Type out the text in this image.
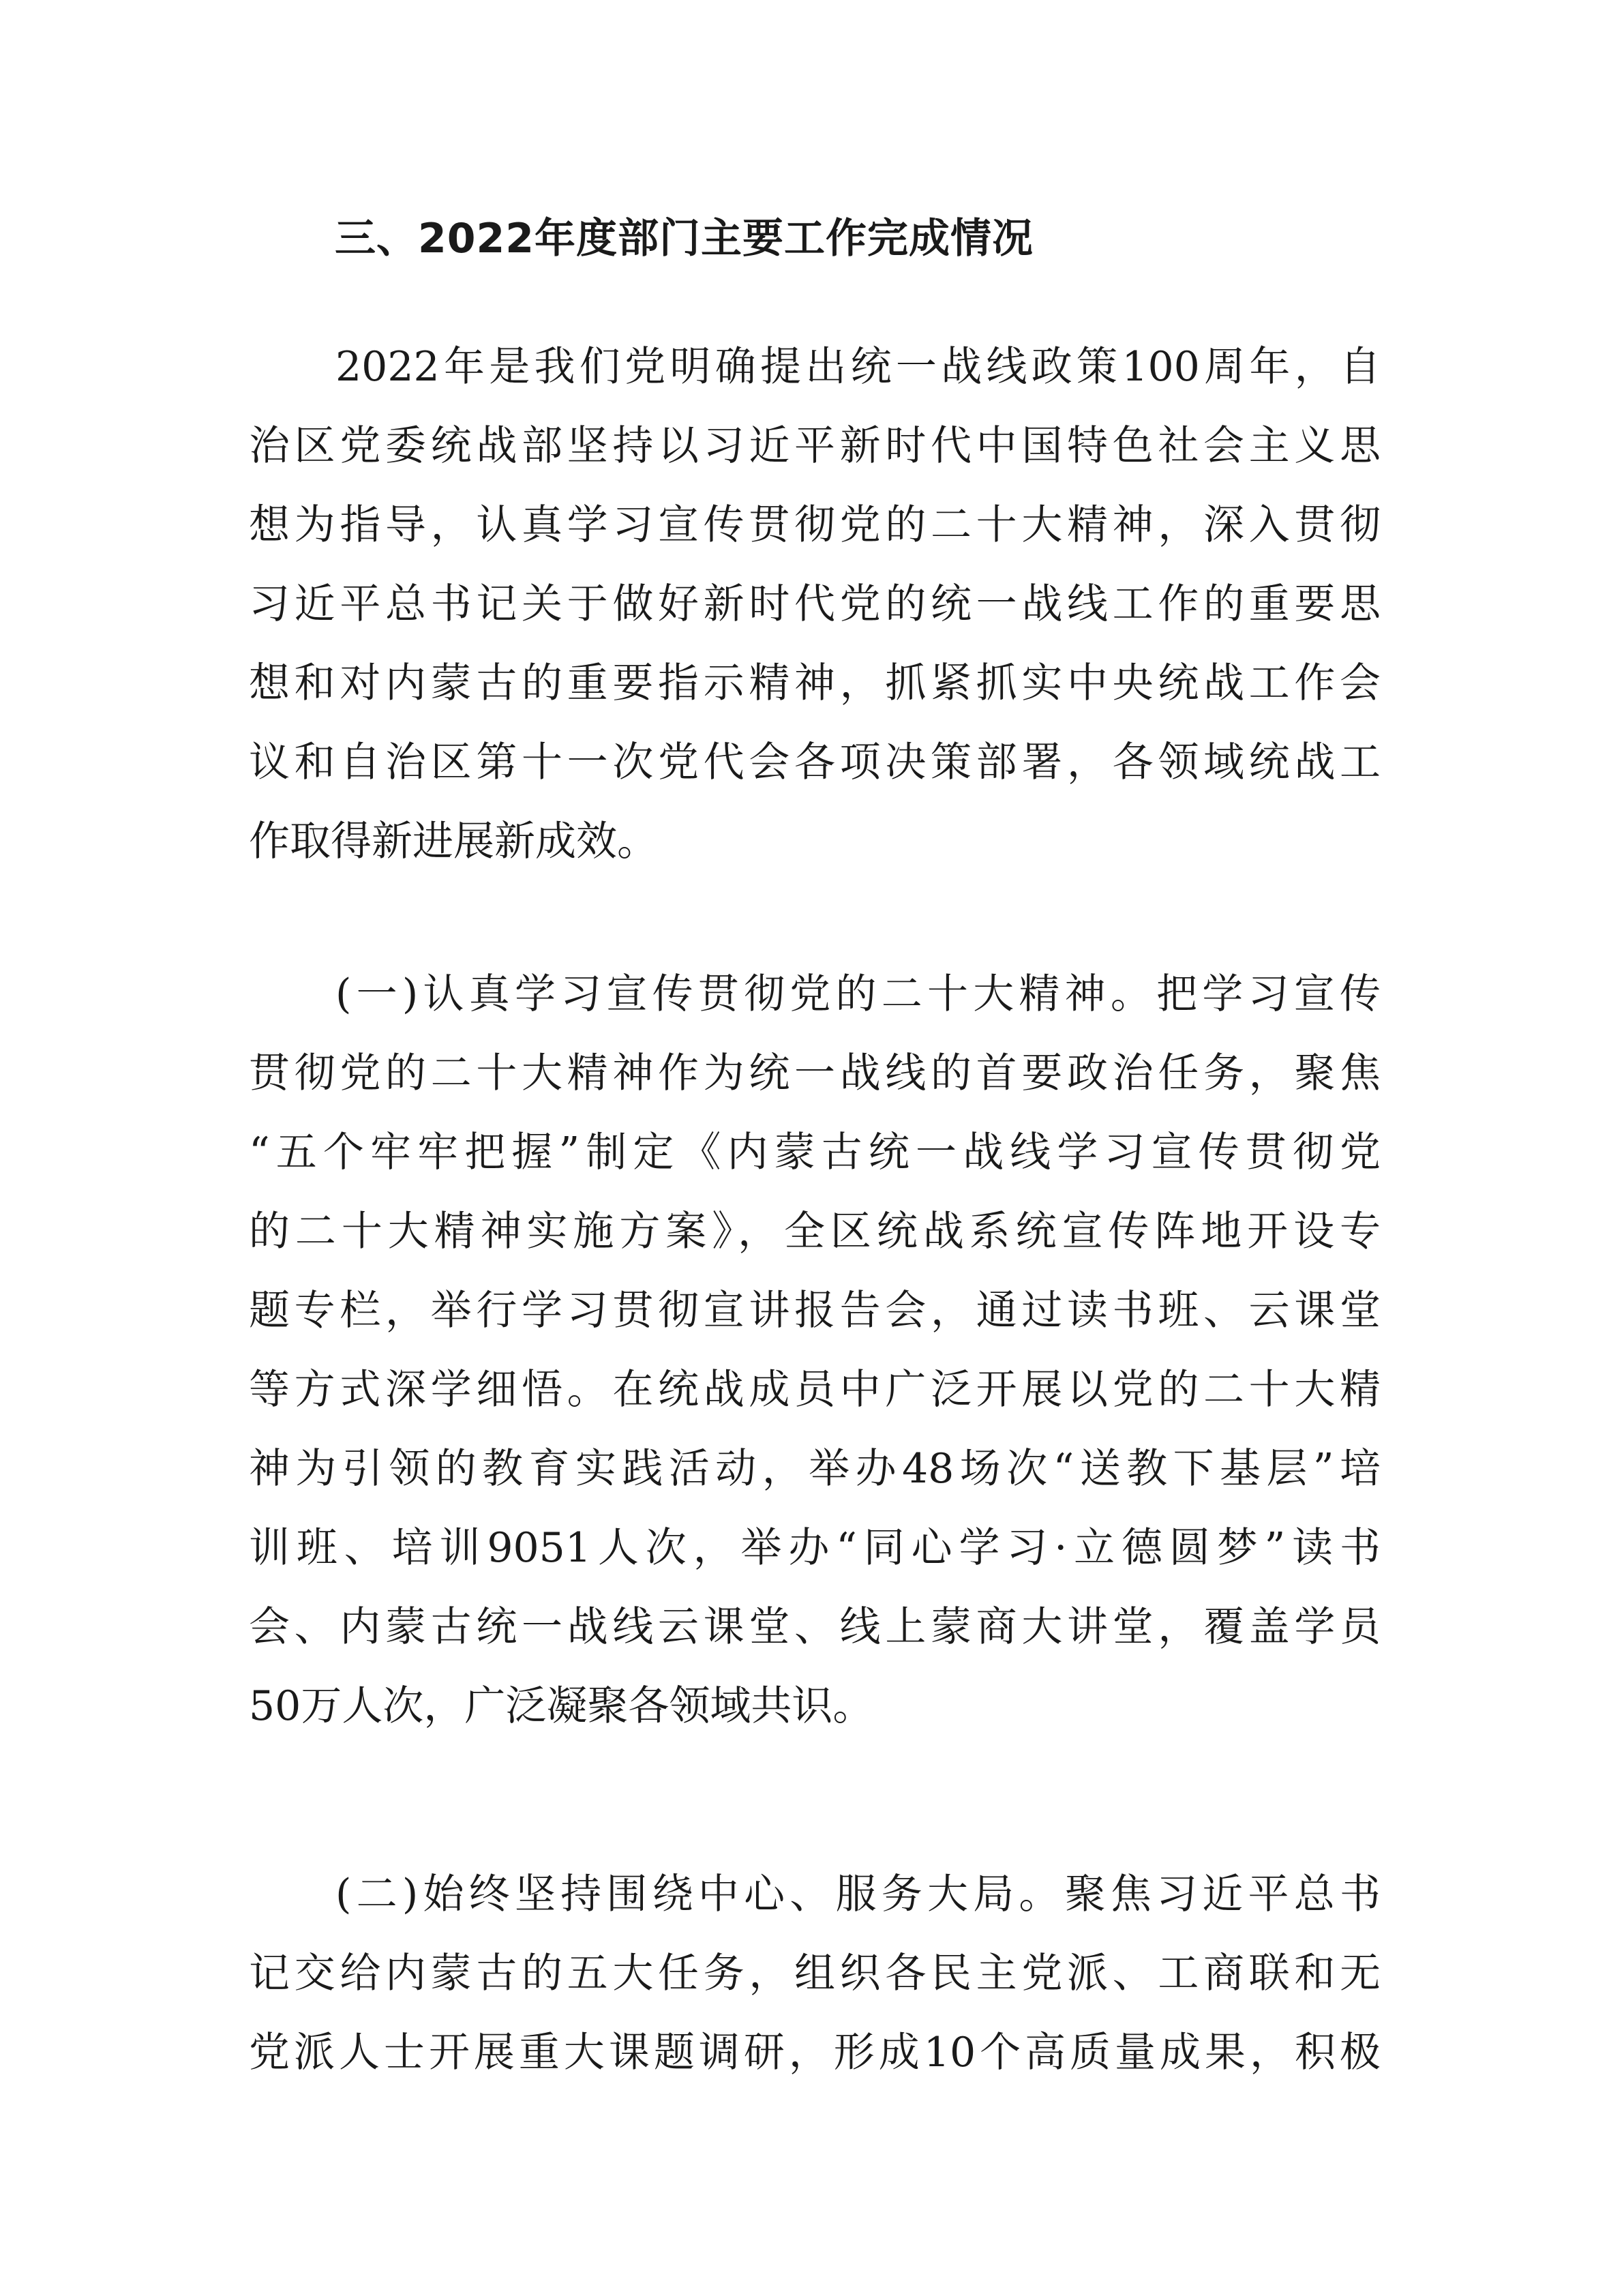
三、2022年度部门主要工作完成情况
2022年是我们党明确提出统一战线政策100周年，自
治区党委统战部坚持以习近平新时代中国特色社会主义思
想为指导，认真学习宣传贯彻党的二十大精神，深入贯彻
习近平总书记关于做好新时代党的统一战线工作的重要思
想和对内蒙古的重要指示精神，抓紧抓实中央统战工作会
议和自治区第十一次党代会各项决策部署，各领域统战工
作取得新进展新成效。
(一)认真学习宣传贯彻党的二十大精神。把学习宣传
贯彻党的二十大精神作为统一战线的首要政治任务，聚焦
“五个牢牢把握”制定《内蒙古统一战线学习宣传贯彻党
的二十大精神实施方案》，全区统战系统宣传阵地开设专
题专栏，举行学习贯彻宣讲报告会，通过读书班、云课堂
等方式深学细悟。在统战成员中广泛开展以党的二十大精
神为引领的教育实践活动，举办48场次“送教下基层”培
训班、培训9051人次，举办“同心学习·立德圆梦”读书
会、内蒙古统一战线云课堂、线上蒙商大讲堂，覆盖学员
50万人次，广泛凝聚各领域共识。
(二)始终坚持围绕中心、服务大局。聚焦习近平总书
记交给内蒙古的五大任务，组织各民主党派、工商联和无
党派人士开展重大课题调研，形成10个高质量成果，积极
